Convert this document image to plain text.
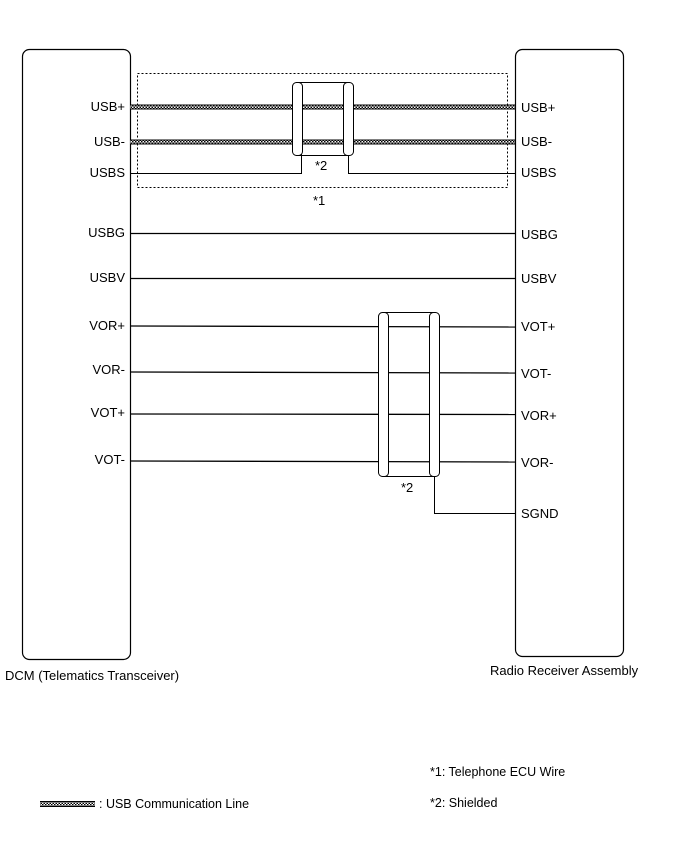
USB+
USB-
USBS
USBG
USBV
VOR+
VOR-
VOT+
VOT-
USB+
USB-
USBS
USBG
USBV
VOT+
VOT-
VOR+
VOR-
SGND
*2
*1
*2
DCM (Telematics Transceiver)	Radio Receiver Assembly
: USB Communication Line
*1: Telephone ECU Wire
*2: Shielded
